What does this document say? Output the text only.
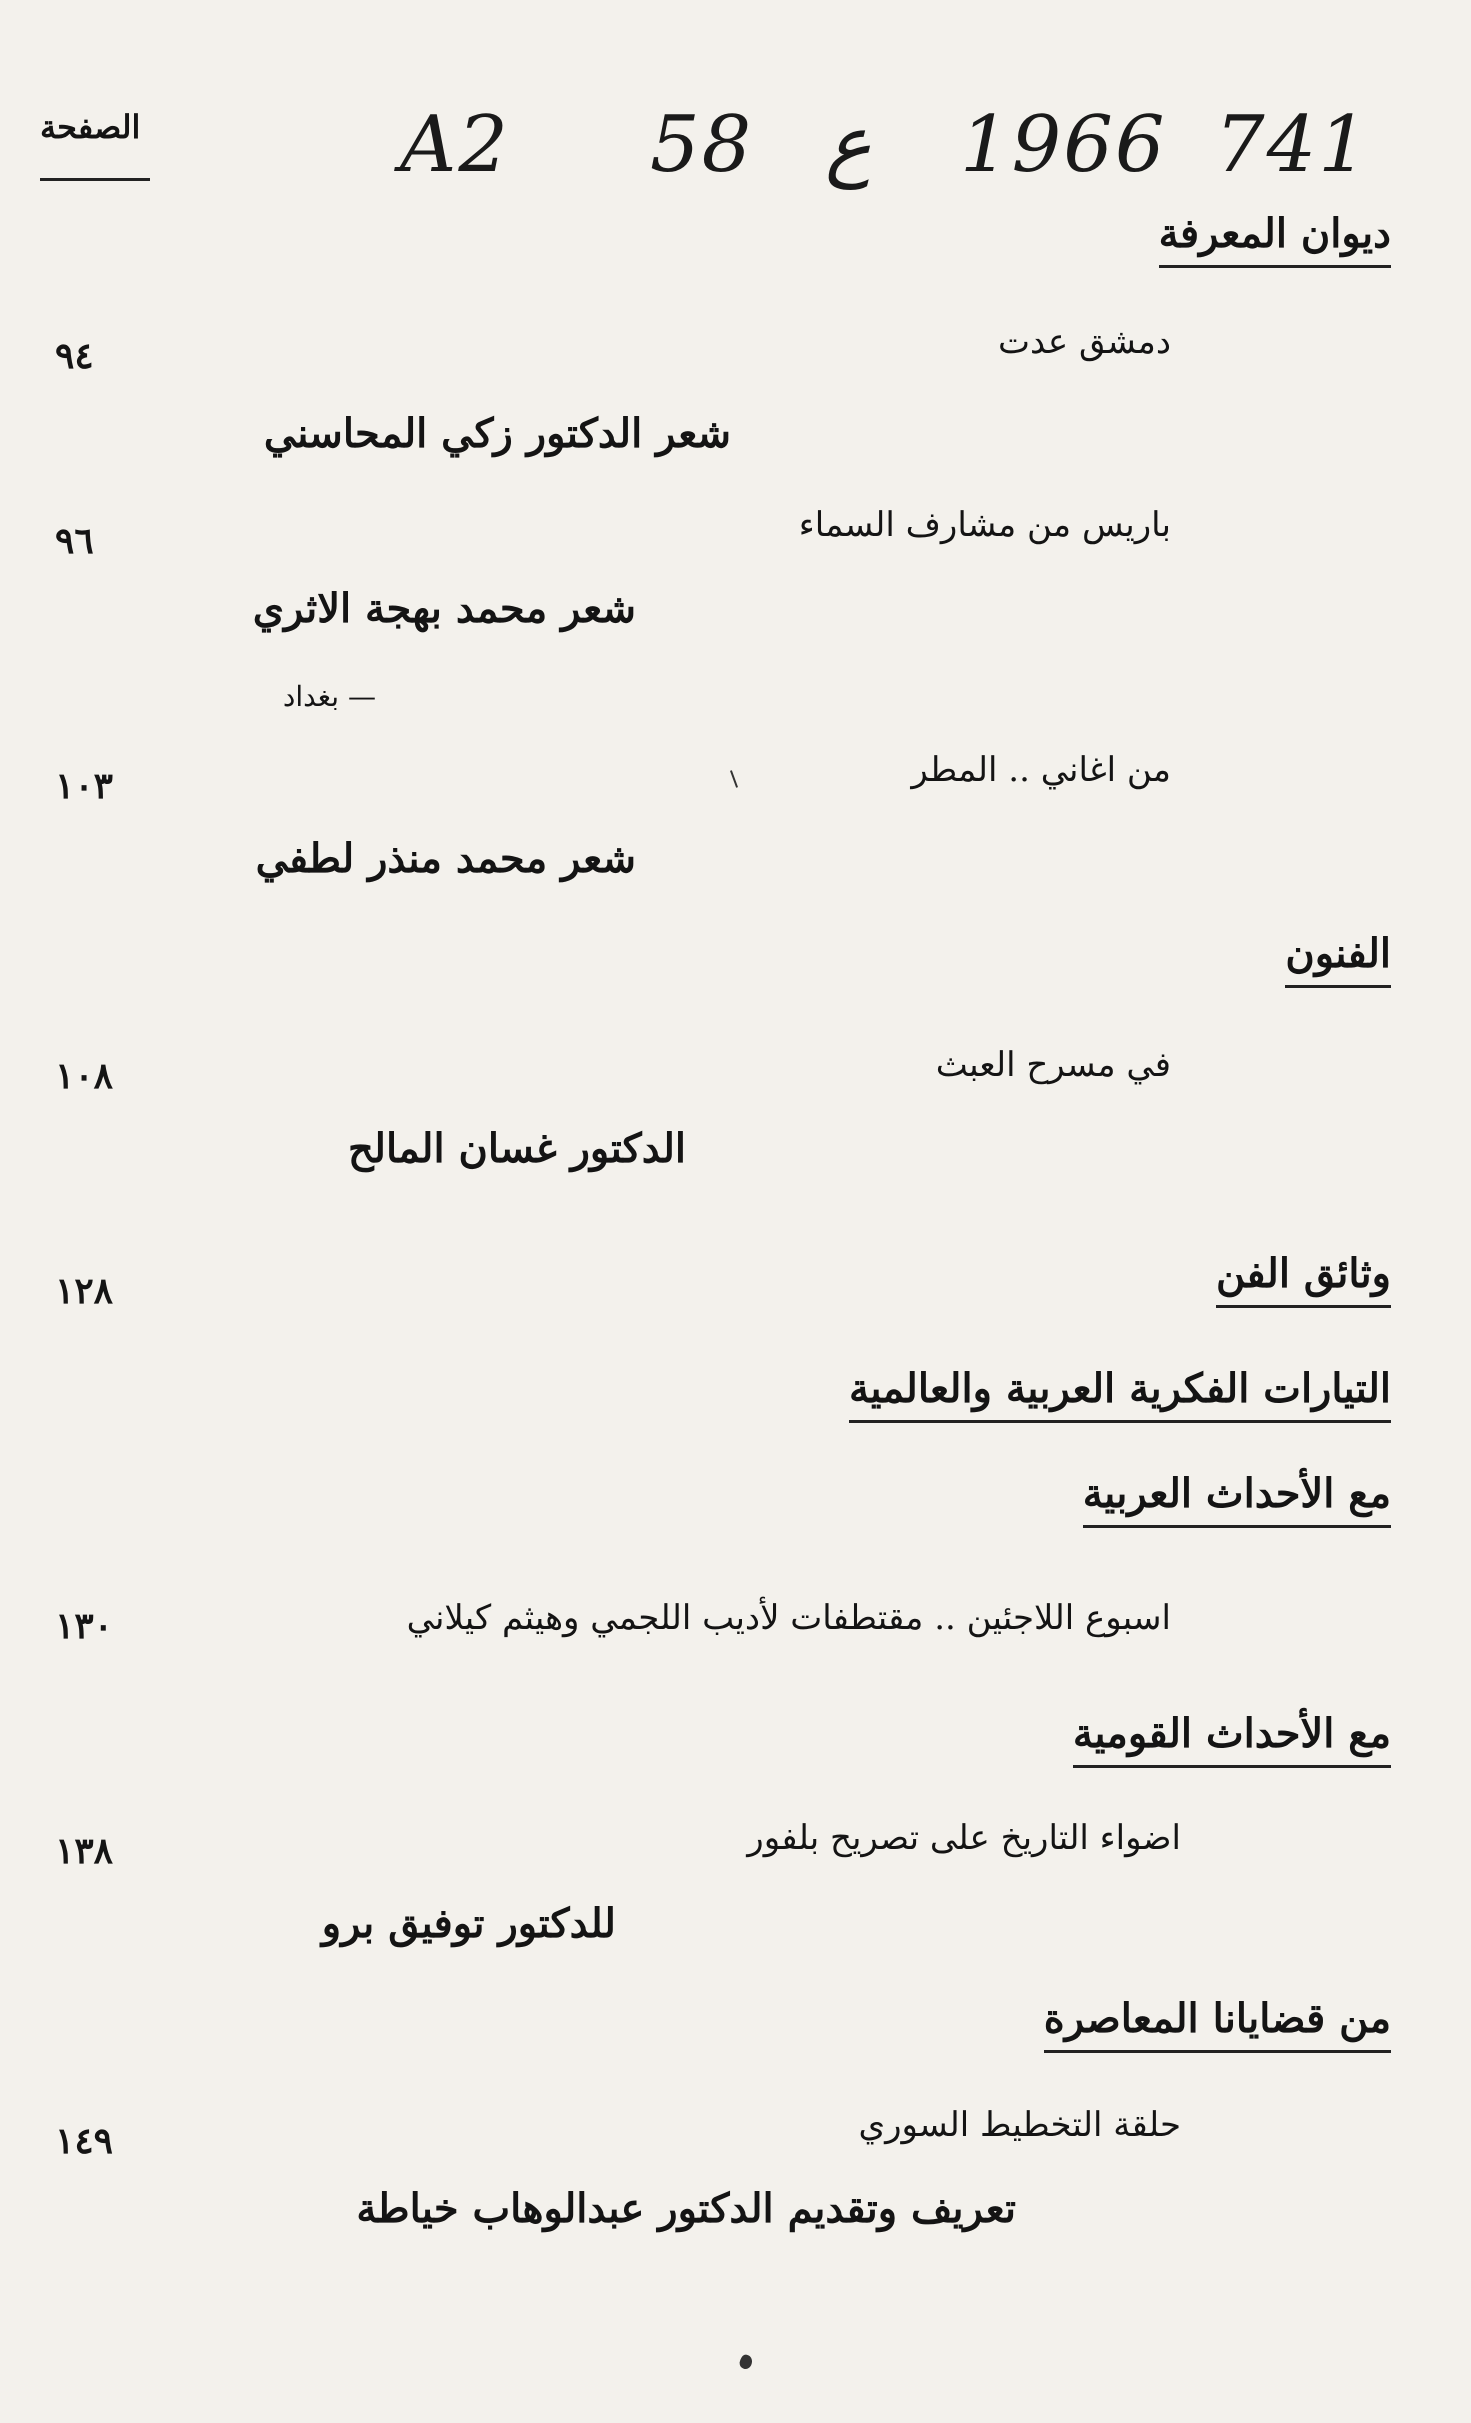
A2 58 ع 1966 741
الصفحة
ديوان المعرفة
دمشق عدت
٩٤
شعر الدكتور زكي المحاسني
باريس من مشارف السماء
٩٦
شعر محمد بهجة الاثري
— بغداد
من اغاني .. المطر
١٠٣
شعر محمد منذر لطفي
الفنون
في مسرح العبث
١٠٨
الدكتور غسان المالح
وثائق الفن
١٢٨
التيارات الفكرية العربية والعالمية
مع الأحداث العربية
اسبوع اللاجئين .. مقتطفات لأديب اللجمي وهيثم كيلاني
١٣٠
مع الأحداث القومية
اضواء التاريخ على تصريح بلفور
١٣٨
للدكتور توفيق برو
من قضايانا المعاصرة
حلقة التخطيط السوري
١٤٩
تعريف وتقديم الدكتور عبدالوهاب خياطة
